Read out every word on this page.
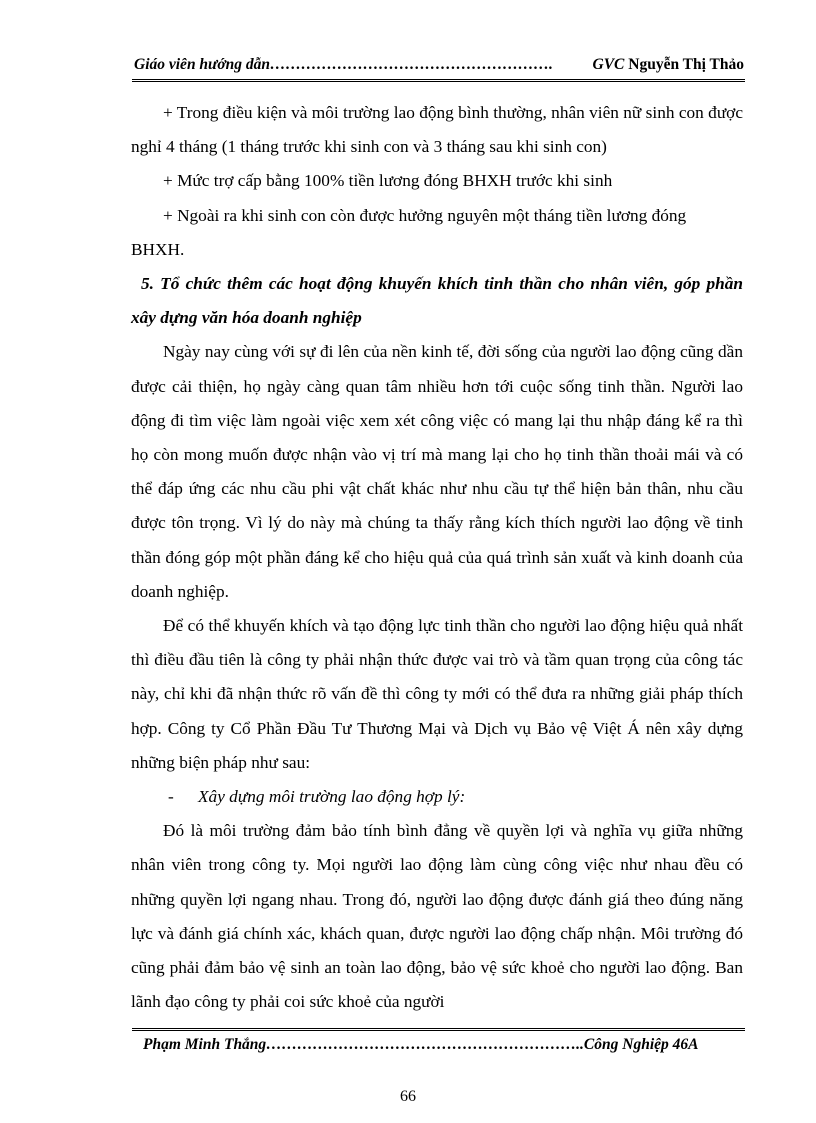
Giáo viên hướng dẫn……………………………………………….	GVC Nguyễn Thị Thảo

+ Trong điều kiện và môi trường lao động bình thường, nhân viên nữ sinh con được nghỉ 4 tháng (1 tháng trước khi sinh con và 3 tháng sau khi sinh con)

+ Mức trợ cấp bằng 100% tiền lương đóng BHXH trước khi sinh

+ Ngoài ra khi sinh con còn được hưởng nguyên một tháng tiền lương đóng

BHXH.

5. Tổ chức thêm các hoạt động khuyến khích tinh thần cho nhân viên, góp phần xây dựng văn hóa doanh nghiệp

Ngày nay cùng với sự đi lên của nền kinh tế, đời sống của người lao động cũng dần được cải thiện, họ ngày càng quan tâm nhiều hơn tới cuộc sống tinh thần. Người lao động đi tìm việc làm ngoài việc xem xét công việc có mang lại thu nhập đáng kể ra thì họ còn mong muốn được nhận vào vị trí mà mang lại cho họ tinh thần thoải mái và có thể đáp ứng các nhu cầu phi vật chất khác như nhu cầu tự thể hiện bản thân, nhu cầu được tôn trọng. Vì lý do này mà chúng ta thấy rằng kích thích người lao động về tinh thần đóng góp một phần đáng kể cho hiệu quả của quá trình sản xuất và kinh doanh của doanh nghiệp.

Để có thể khuyến khích và tạo động lực tinh thần cho người lao động hiệu quả nhất thì điều đầu tiên là công ty phải nhận thức được vai trò và tầm quan trọng của công tác này, chỉ khi đã nhận thức rõ vấn đề thì công ty mới có thể đưa ra những giải pháp thích hợp. Công ty Cổ Phần Đầu Tư Thương Mại và Dịch vụ Bảo vệ Việt Á nên xây dựng những biện pháp như sau:

- Xây dựng môi trường lao động hợp lý:

Đó là môi trường đảm bảo tính bình đẳng về quyền lợi và nghĩa vụ giữa những nhân viên trong công ty. Mọi người lao động làm cùng công việc như nhau đều có những quyền lợi ngang nhau. Trong đó, người lao động được đánh giá theo đúng năng lực và đánh giá chính xác, khách quan, được người lao động chấp nhận. Môi trường đó cũng phải đảm bảo vệ sinh an toàn lao động, bảo vệ sức khoẻ cho người lao động. Ban lãnh đạo công ty phải coi sức khoẻ của người

Phạm Minh Thắng……………………………………………………..Công Nghiệp 46A
66
